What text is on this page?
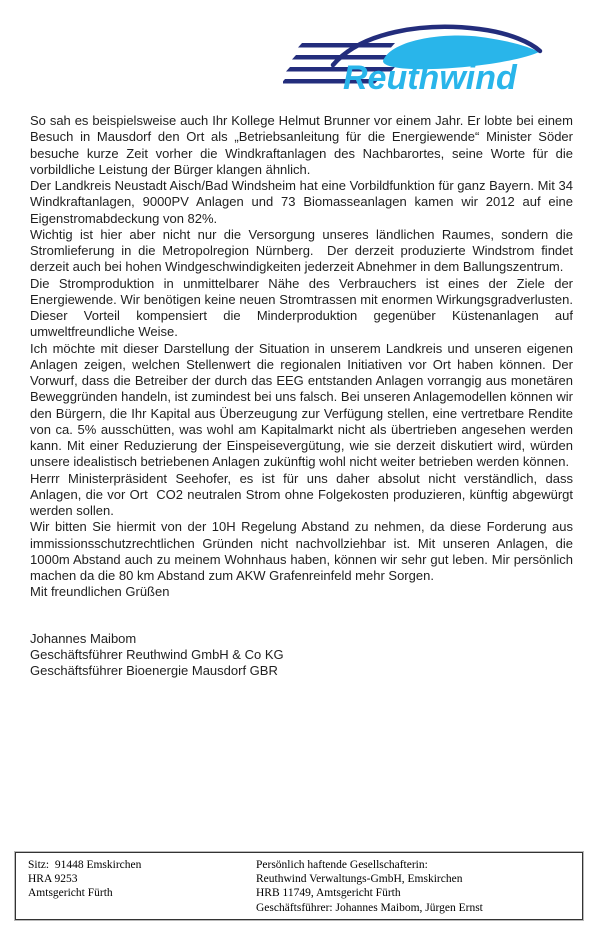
Reuthwind

So sah es beispielsweise auch Ihr Kollege Helmut Brunner vor einem Jahr. Er lobte bei einem Besuch in Mausdorf den Ort als „Betriebsanleitung für die Energiewende“ Minister Söder besuche kurze Zeit vorher die Windkraftanlagen des Nachbarortes, seine Worte für die vorbildliche Leistung der Bürger klangen ähnlich.

Der Landkreis Neustadt Aisch/Bad Windsheim hat eine Vorbildfunktion für ganz Bayern. Mit 34 Windkraftanlagen, 9000PV Anlagen und 73 Biomasseanlagen kamen wir 2012 auf eine Eigenstromabdeckung von 82%.

Wichtig ist hier aber nicht nur die Versorgung unseres ländlichen Raumes, sondern die Stromlieferung in die Metropolregion Nürnberg.  Der derzeit produzierte Windstrom findet derzeit auch bei hohen Windgeschwindigkeiten jederzeit Abnehmer in dem Ballungszentrum.

Die Stromproduktion in unmittelbarer Nähe des Verbrauchers ist eines der Ziele der Energiewende. Wir benötigen keine neuen Stromtrassen mit enormen Wirkungsgradverlusten. Dieser Vorteil kompensiert die Minderproduktion gegenüber Küstenanlagen auf umweltfreundliche Weise.

Ich möchte mit dieser Darstellung der Situation in unserem Landkreis und unseren eigenen Anlagen zeigen, welchen Stellenwert die regionalen Initiativen vor Ort haben können. Der Vorwurf, dass die Betreiber der durch das EEG entstanden Anlagen vorrangig aus monetären Beweggründen handeln, ist zumindest bei uns falsch. Bei unseren Anlagemodellen können wir den Bürgern, die Ihr Kapital aus Überzeugung zur Verfügung stellen, eine vertretbare Rendite von ca. 5% ausschütten, was wohl am Kapitalmarkt nicht als übertrieben angesehen werden kann. Mit einer Reduzierung der Einspeisevergütung, wie sie derzeit diskutiert wird, würden unsere idealistisch betriebenen Anlagen zukünftig wohl nicht weiter betrieben werden können.

Herrr Ministerpräsident Seehofer, es ist für uns daher absolut nicht verständlich, dass Anlagen, die vor Ort  CO2 neutralen Strom ohne Folgekosten produzieren, künftig abgewürgt werden sollen.

Wir bitten Sie hiermit von der 10H Regelung Abstand zu nehmen, da diese Forderung aus immissionsschutzrechtlichen Gründen nicht nachvollziehbar ist. Mit unseren Anlagen, die 1000m Abstand auch zu meinem Wohnhaus haben, können wir sehr gut leben. Mir persönlich machen da die 80 km Abstand zum AKW Grafenreinfeld mehr Sorgen.

Mit freundlichen Grüßen

Johannes Maibom
Geschäftsführer Reuthwind GmbH & Co KG
Geschäftsführer Bioenergie Mausdorf GBR
Sitz:  91448 Emskirchen
HRA 9253
Amtsgericht Fürth
Persönlich haftende Gesellschafterin:
Reuthwind Verwaltungs-GmbH, Emskirchen
HRB 11749, Amtsgericht Fürth
Geschäftsführer: Johannes Maibom, Jürgen Ernst
